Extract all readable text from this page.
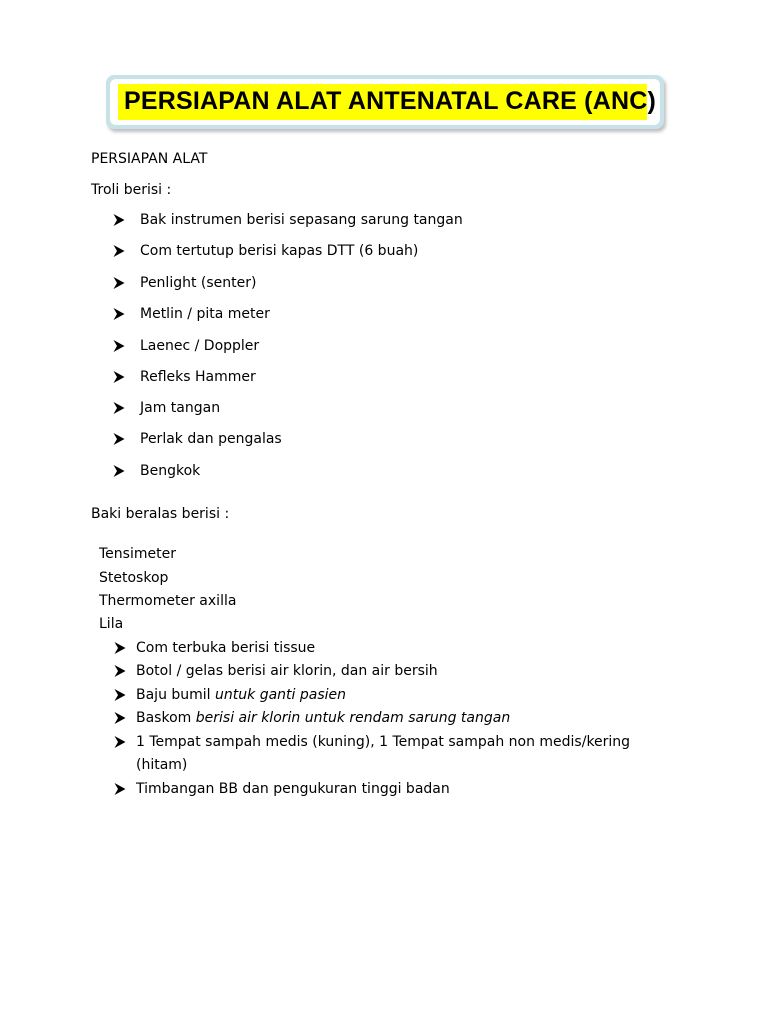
PERSIAPAN ALAT ANTENATAL CARE (ANC)
PERSIAPAN ALAT
Troli berisi :
Bak instrumen berisi sepasang sarung tangan
Com tertutup berisi kapas DTT (6 buah)
Penlight (senter)
Metlin / pita meter
Laenec / Doppler
Refleks Hammer
Jam tangan
Perlak dan pengalas
Bengkok
Baki beralas berisi :
Tensimeter
Stetoskop
Thermometer axilla
Lila
Com terbuka berisi tissue
Botol / gelas berisi air klorin, dan air bersih
Baju bumil untuk ganti pasien
Baskom berisi air klorin untuk rendam sarung tangan
1 Tempat sampah medis (kuning), 1 Tempat sampah non medis/kering
(hitam)
Timbangan BB dan pengukuran tinggi badan
